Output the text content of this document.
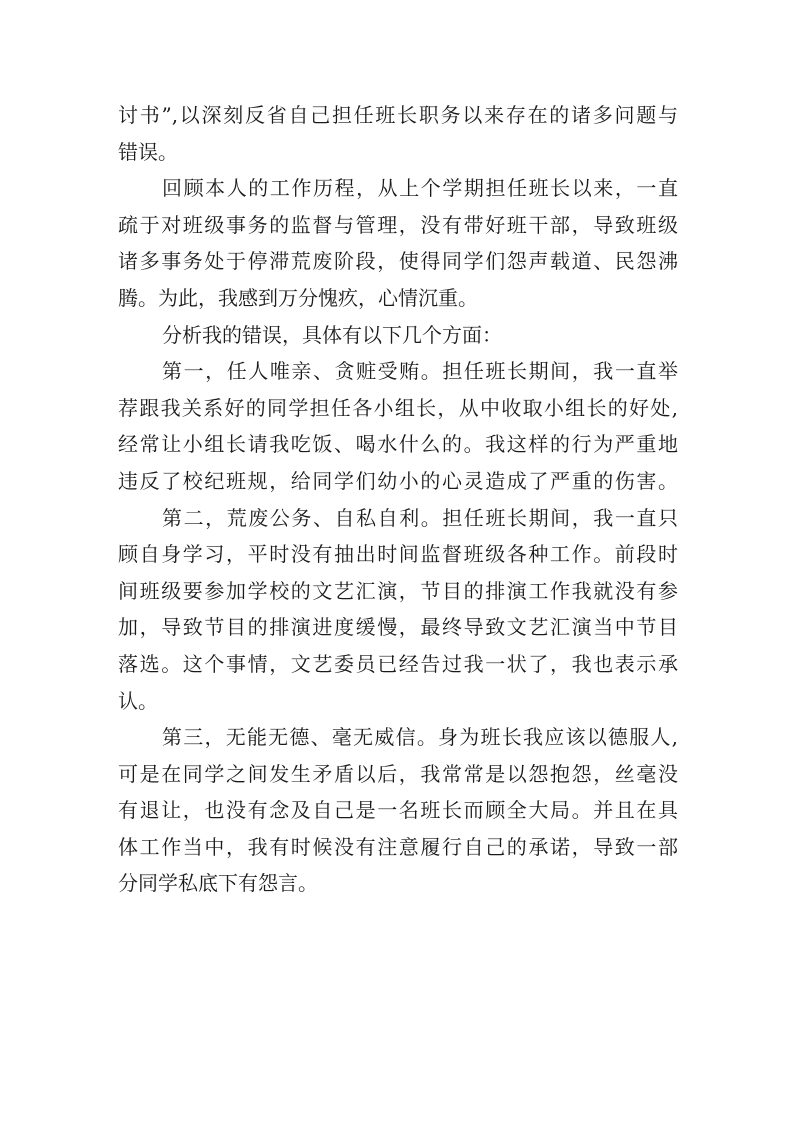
讨书”,以深刻反省自己担任班长职务以来存在的诸多问题与
错误。
回顾本人的工作历程，从上个学期担任班长以来，一直
疏于对班级事务的监督与管理，没有带好班干部，导致班级
诸多事务处于停滞荒废阶段，使得同学们怨声载道、民怨沸
腾。为此，我感到万分愧疚，心情沉重。
分析我的错误，具体有以下几个方面：
第一，任人唯亲、贪赃受贿。担任班长期间，我一直举
荐跟我关系好的同学担任各小组长，从中收取小组长的好处,
经常让小组长请我吃饭、喝水什么的。我这样的行为严重地
违反了校纪班规，给同学们幼小的心灵造成了严重的伤害。
第二，荒废公务、自私自利。担任班长期间，我一直只
顾自身学习，平时没有抽出时间监督班级各种工作。前段时
间班级要参加学校的文艺汇演，节目的排演工作我就没有参
加，导致节目的排演进度缓慢，最终导致文艺汇演当中节目
落选。这个事情，文艺委员已经告过我一状了，我也表示承
认。
第三，无能无德、毫无威信。身为班长我应该以德服人,
可是在同学之间发生矛盾以后，我常常是以怨抱怨，丝毫没
有退让，也没有念及自己是一名班长而顾全大局。并且在具
体工作当中，我有时候没有注意履行自己的承诺，导致一部
分同学私底下有怨言。
